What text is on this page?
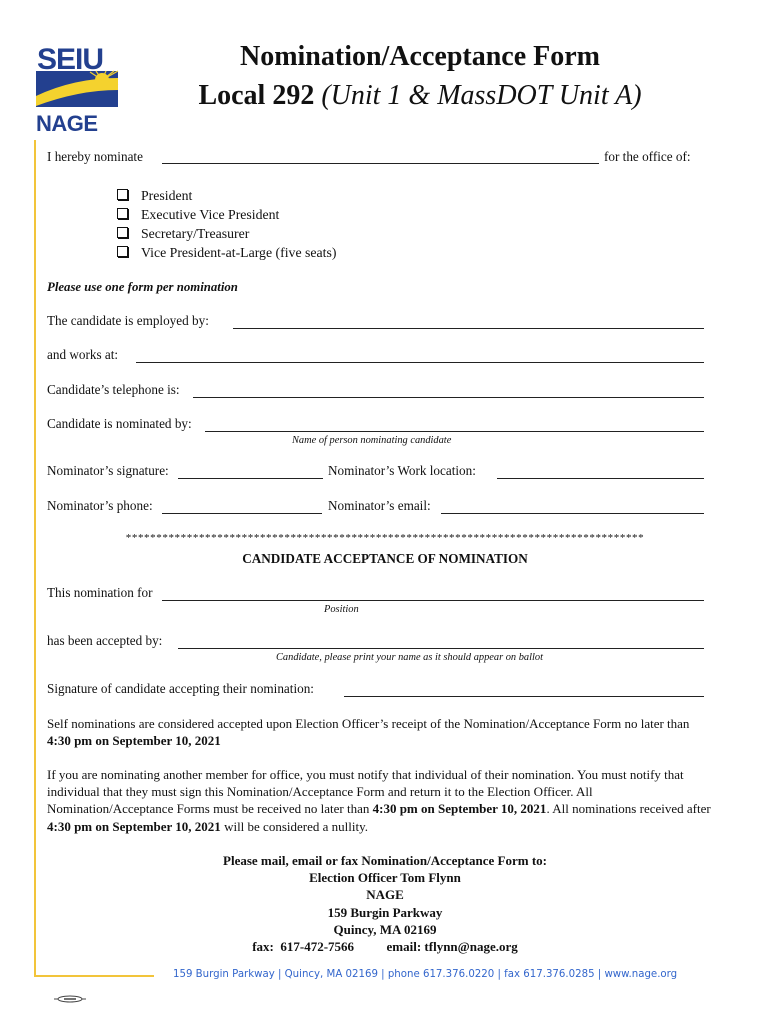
SEIU
NAGE
Nomination/Acceptance Form
Local 292 (Unit 1 & MassDOT Unit A)
I hereby nominate	for the office of:
President
Executive Vice President
Secretary/Treasurer
Vice President-at-Large (five seats)
Please use one form per nomination
The candidate is employed by:
and works at:
Candidate’s telephone is:
Candidate is nominated by:
Name of person nominating candidate
Nominator’s signature:	Nominator’s Work location:
Nominator’s phone:	Nominator’s email:
*************************************************************************************
CANDIDATE ACCEPTANCE OF NOMINATION
This nomination for
Position
has been accepted by:
Candidate, please print your name as it should appear on ballot
Signature of candidate accepting their nomination:
Self nominations are considered accepted upon Election Officer’s receipt of the Nomination/Acceptance Form no later than 4:30 pm on September 10, 2021
If you are nominating another member for office, you must notify that individual of their nomination. You must notify that individual that they must sign this Nomination/Acceptance Form and return it to the Election Officer. All Nomination/Acceptance Forms must be received no later than 4:30 pm on September 10, 2021. All nominations received after 4:30 pm on September 10, 2021 will be considered a nullity.
Please mail, email or fax Nomination/Acceptance Form to:
Election Officer Tom Flynn
NAGE
159 Burgin Parkway
Quincy, MA 02169
fax:  617-472-7566	email: tflynn@nage.org
159 Burgin Parkway | Quincy, MA 02169 | phone 617.376.0220 | fax 617.376.0285 | www.nage.org
